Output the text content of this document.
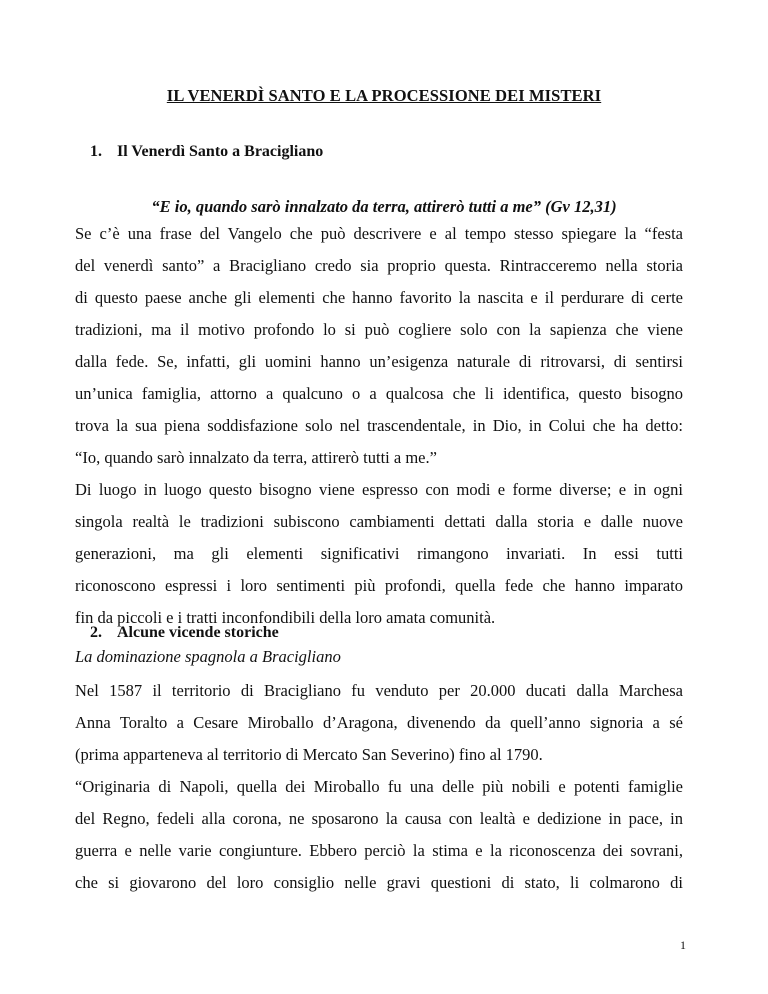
IL VENERDÌ SANTO E LA PROCESSIONE DEI MISTERI
1. Il Venerdì Santo a Bracigliano
“E io, quando sarò innalzato da terra, attirerò tutti a me” (Gv 12,31)
Se c’è una frase del Vangelo che può descrivere e al tempo stesso spiegare la “festa
del venerdì santo” a Bracigliano credo sia proprio questa. Rintracceremo nella storia
di questo paese anche gli elementi che hanno favorito la nascita e il perdurare di certe
tradizioni, ma il motivo profondo lo si può cogliere solo con la sapienza che viene
dalla fede. Se, infatti, gli uomini hanno un’esigenza naturale di ritrovarsi, di sentirsi
un’unica famiglia, attorno a qualcuno o a qualcosa che li identifica, questo bisogno
trova la sua piena soddisfazione solo nel trascendentale, in Dio, in Colui che ha detto:
“Io, quando sarò innalzato da terra, attirerò tutti a me.”
Di luogo in luogo questo bisogno viene espresso con modi e forme diverse; e in ogni
singola realtà le tradizioni subiscono cambiamenti dettati dalla storia e dalle nuove
generazioni, ma gli elementi significativi rimangono invariati. In essi tutti
riconoscono espressi i loro sentimenti più profondi, quella fede che hanno imparato
fin da piccoli e i tratti inconfondibili della loro amata comunità.
2. Alcune vicende storiche
La dominazione spagnola a Bracigliano
Nel 1587 il territorio di Bracigliano fu venduto per 20.000 ducati dalla Marchesa
Anna Toralto a Cesare Miroballo d’Aragona, divenendo da quell’anno signoria a sé
(prima apparteneva al territorio di Mercato San Severino) fino al 1790.
“Originaria di Napoli, quella dei Miroballo fu una delle più nobili e potenti famiglie
del Regno, fedeli alla corona, ne sposarono la causa con lealtà e dedizione in pace, in
guerra e nelle varie congiunture. Ebbero perciò la stima e la riconoscenza dei sovrani,
che si giovarono del loro consiglio nelle gravi questioni di stato, li colmarono di
1
